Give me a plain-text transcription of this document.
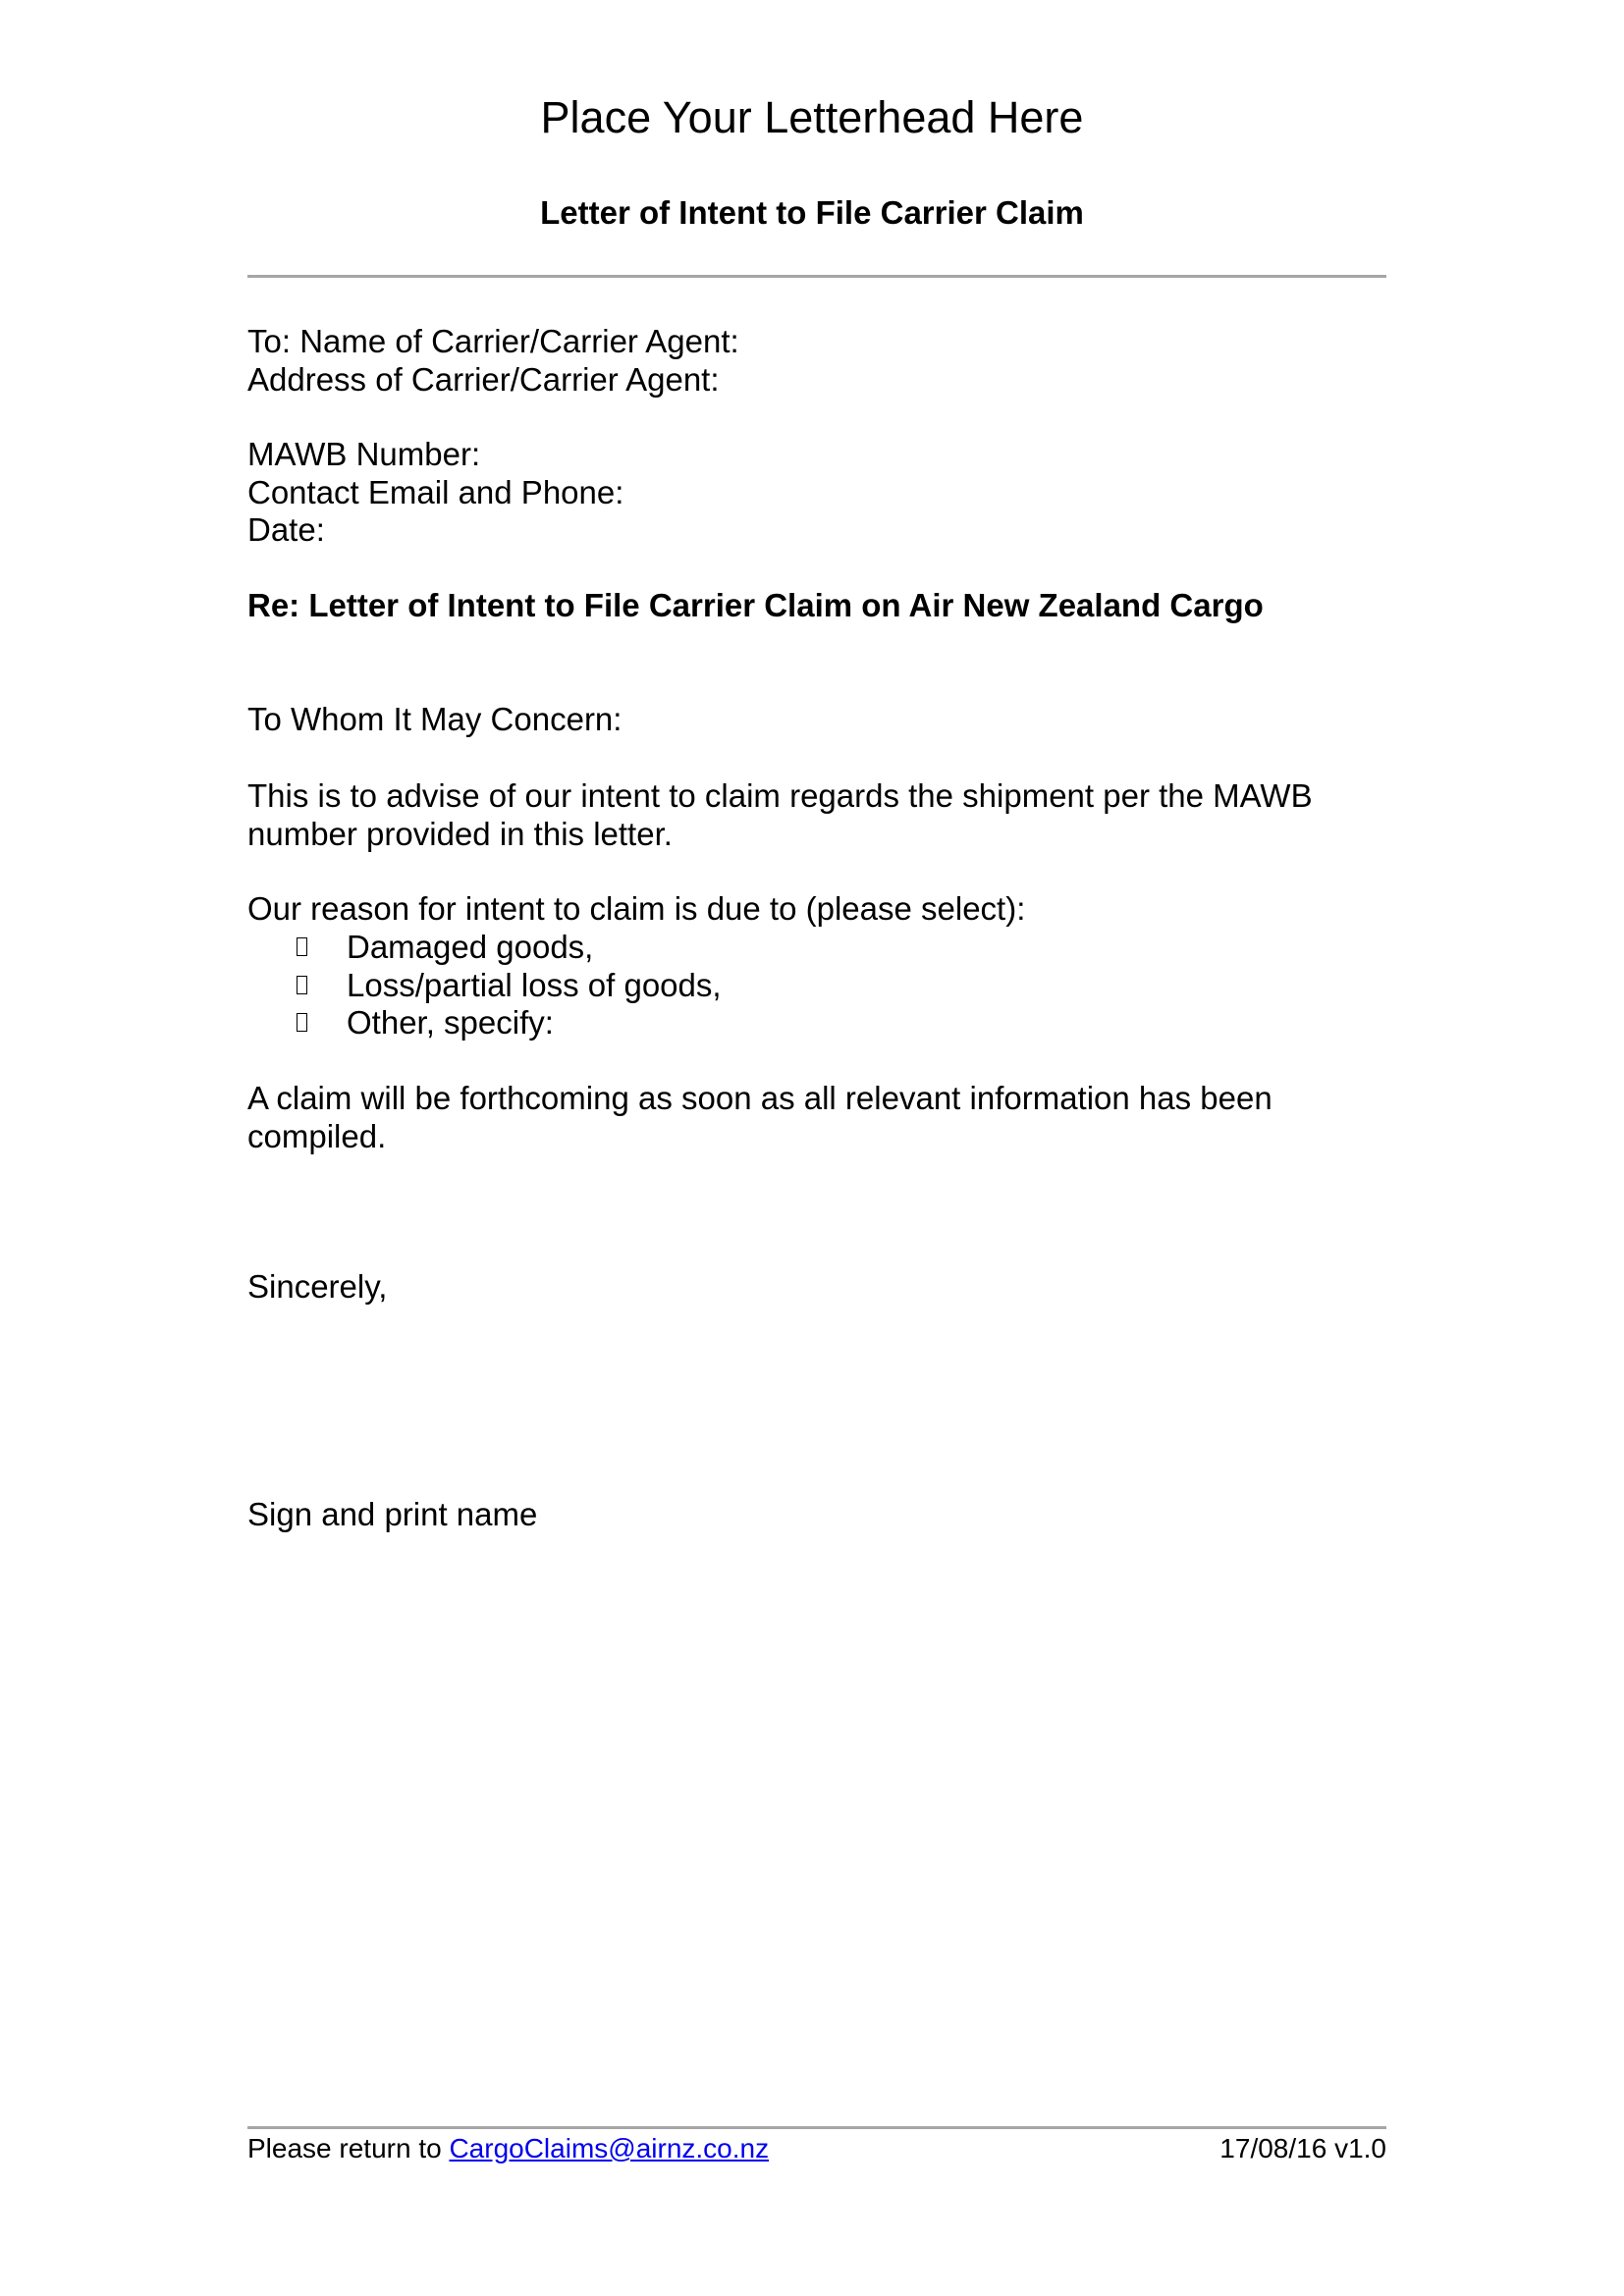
Place Your Letterhead Here
Letter of Intent to File Carrier Claim
To: Name of Carrier/Carrier Agent:
Address of Carrier/Carrier Agent:
MAWB Number:
Contact Email and Phone:
Date:
Re: Letter of Intent to File Carrier Claim on Air New Zealand Cargo
To Whom It May Concern:
This is to advise of our intent to claim regards the shipment per the MAWB number provided in this letter.
Our reason for intent to claim is due to (please select):
Damaged goods,
Loss/partial loss of goods,
Other, specify:
A claim will be forthcoming as soon as all relevant information has been compiled.
Sincerely,
Sign and print name
Please return to CargoClaims@airnz.co.nz	17/08/16 v1.0
